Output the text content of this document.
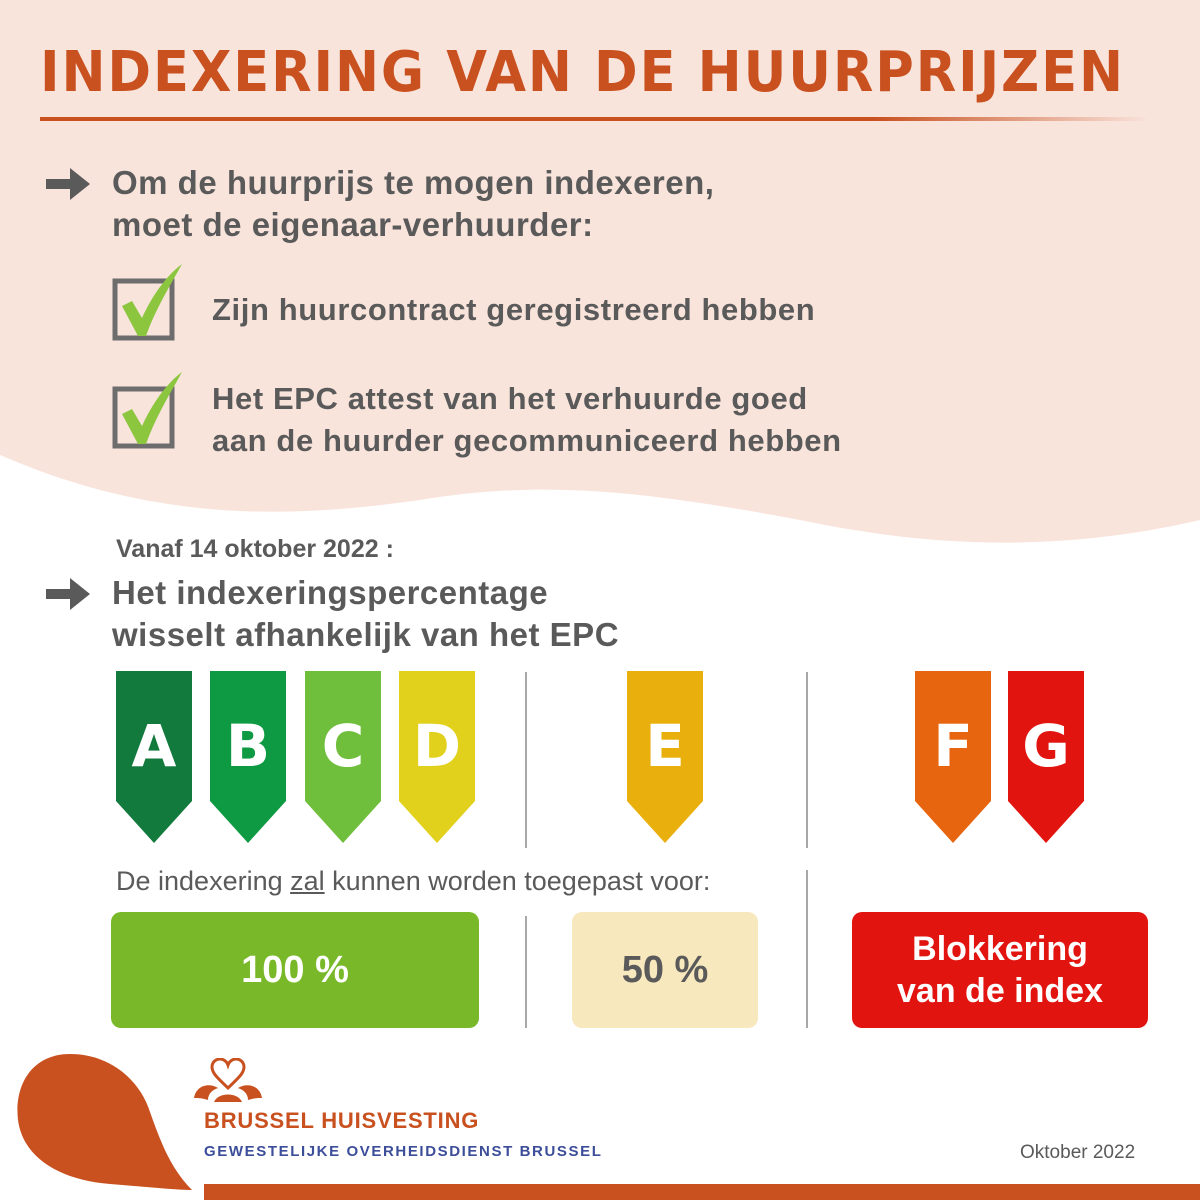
INDEXERING VAN DE HUURPRIJZEN
Om de huurprijs te mogen indexeren,
moet de eigenaar-verhuurder:
Zijn huurcontract geregistreerd hebben
Het EPC attest van het verhuurde goed
aan de huurder gecommuniceerd hebben
Vanaf 14 oktober 2022 :
Het indexeringspercentage
wisselt afhankelijk van het EPC
A B C D	E	F G
De indexering zal kunnen worden toegepast voor:
100 %	50 %	Blokkering
van de index
BRUSSEL HUISVESTING
GEWESTELIJKE OVERHEIDSDIENST BRUSSEL	Oktober 2022
